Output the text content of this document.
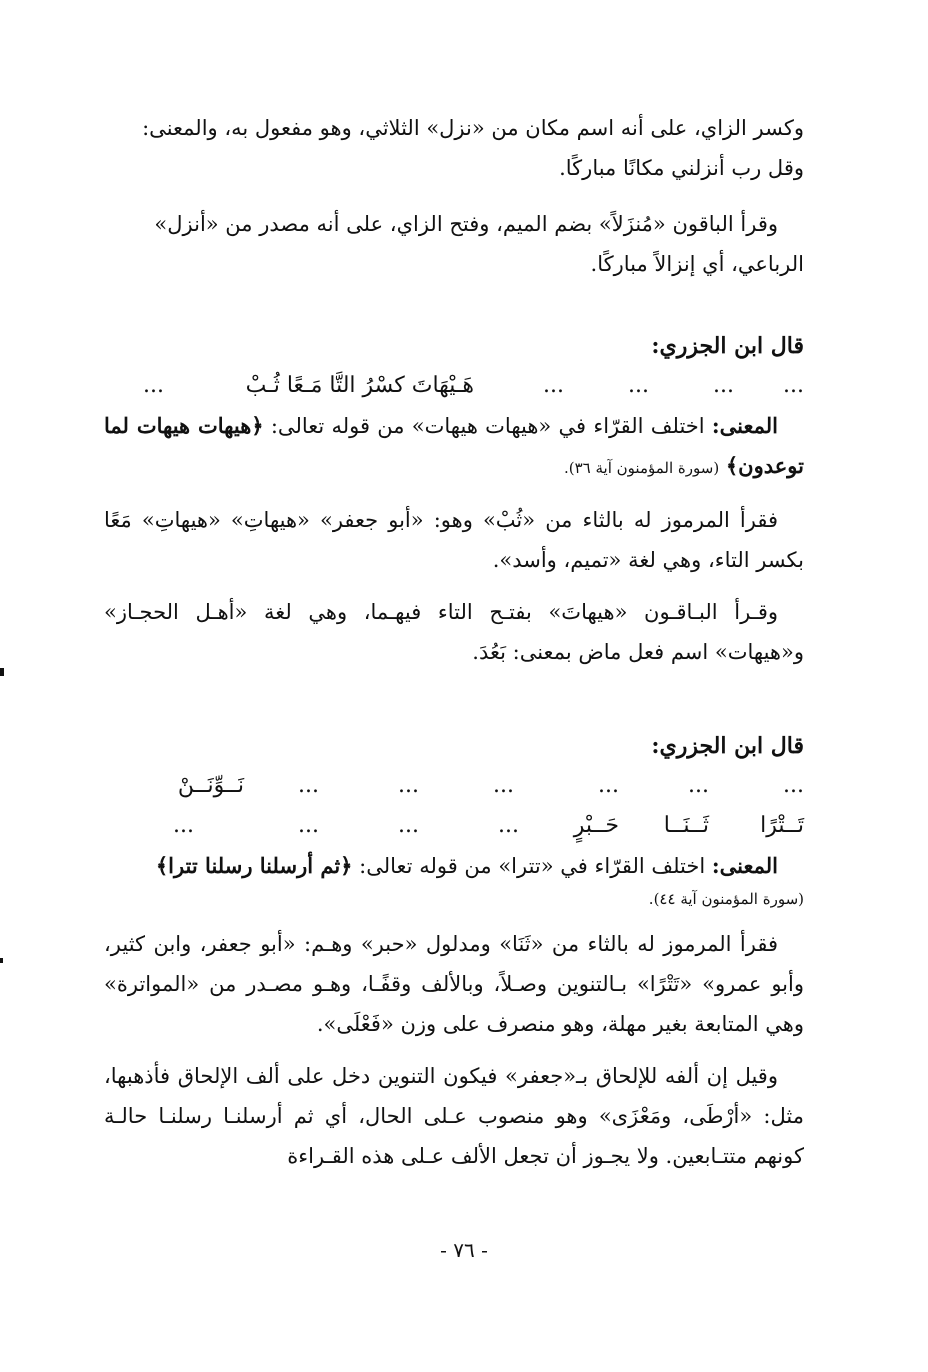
وكسر الزاي، على أنه اسم مكان من «نزل» الثلاثي، وهو مفعول به، والمعنى:

وقل رب أنزلني مكانًا مباركًا.

وقرأ الباقون «مُنزَلاً» بضم الميم، وفتح الزاي، على أنه مصدر من «أنزل»

الرباعي، أي إنزالاً مباركًا.

قال ابن الجزري:

...
...
...
...
هَـيْهَاتَ كسْرُ التَّا مَـعًا ثُـبْ
...

المعنى: اختلف القرّاء في «هيهات هيهات» من قوله تعالى: ﴿هيهات هيهات لما توعدون﴾ (سورة المؤمنون آية ٣٦).

فقرأ المرموز له بالثاء من «ثُبْ» وهو: «أبو جعفر» «هيهاتِ» «هيهاتِ» مَعًا بكسر التاء، وهي لغة «تميم، وأسد».

وقـرأ البـاقـون «هيهاتَ» بفتـح التاء فيهـما، وهي لغة «أهـل الحجـاز» و«هيهات» اسم فعل ماض بمعنى: بَعُدَ.

قال ابن الجزري:

...
...
...
...
...
...
نَــوِّنَــنْ
تَــتْرًا
ثَــنَــا
حَــبْرٍ
...
...
...
...

المعنى: اختلف القرّاء في «تترا» من قوله تعالى: ﴿ثم أرسلنا رسلنا تترا﴾

(سورة المؤمنون آية ٤٤).

فقرأ المرموز له بالثاء من «ثَنَا» ومدلول «حبر» وهـم: «أبو جعفر، وابن كثير، وأبو عمرو» «تَتْرًا» بـالتنوين وصـلاً، وبالألف وقفًـا، وهـو مصـدر من «المواترة» وهي المتابعة بغير مهلة، وهو منصرف على وزن «فَعْلَى».

وقيل إن ألفه للإلحاق بـ«جعفر» فيكون التنوين دخل على ألف الإلحاق فأذهبها، مثل: «أرْطَى، ومَعْزَى» وهو منصوب عـلى الحال، أي ثم أرسلنـا رسلنـا حالـة كونهم متتـابعين. ولا يجـوز أن تجعل الألف عـلى هذه القـراءة

- ٧٦ -
